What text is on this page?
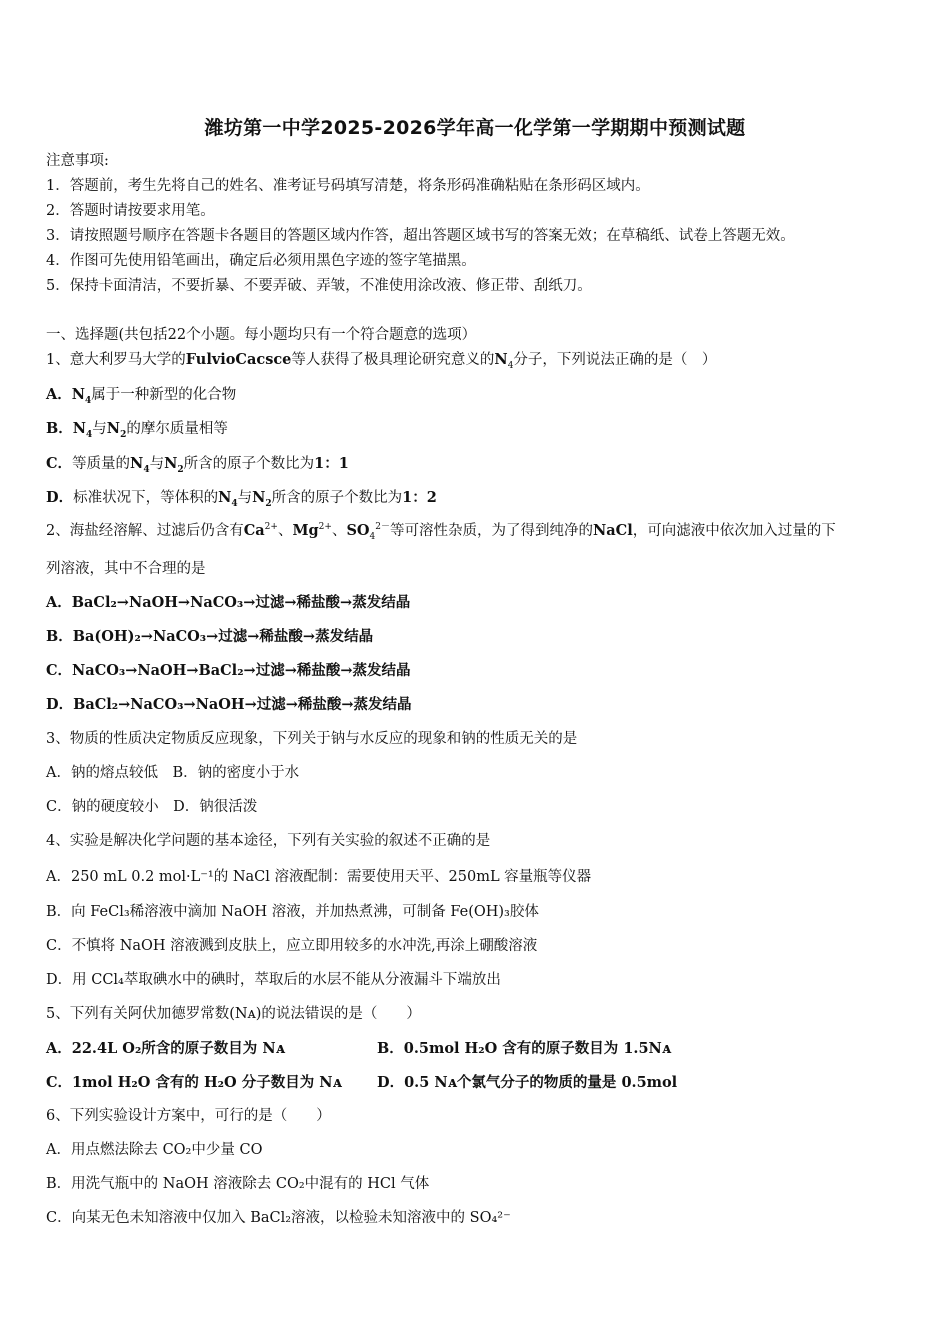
潍坊第一中学2025-2026学年高一化学第一学期期中预测试题
注意事项:
1．答题前，考生先将自己的姓名、准考证号码填写清楚，将条形码准确粘贴在条形码区域内。
2．答题时请按要求用笔。
3．请按照题号顺序在答题卡各题目的答题区域内作答，超出答题区域书写的答案无效；在草稿纸、试卷上答题无效。
4．作图可先使用铅笔画出，确定后必须用黑色字迹的签字笔描黑。
5．保持卡面清洁，不要折暴、不要弄破、弄皱，不准使用涂改液、修正带、刮纸刀。
一、选择题(共包括22个小题。每小题均只有一个符合题意的选项）
1、意大利罗马大学的FulvioCacsce等人获得了极具理论研究意义的$N_4$分子，下列说法正确的是（　）
A．$N_4$属于一种新型的化合物
B．$N_4$与$N_2$的摩尔质量相等
C．等质量的$N_4$与$N_2$所含的原子个数比为1：1
D．标准状况下，等体积的$N_4$与$N_2$所含的原子个数比为1：2
2、海盐经溶解、过滤后仍含有$Ca^{2+}$、$Mg^{2+}$、$SO_4^{2-}$等可溶性杂质，为了得到纯净的NaCl，可向滤液中依次加入过量的下
列溶液，其中不合理的是
A．BaCl₂→NaOH→NaCO₃→过滤→稀盐酸→蒸发结晶
B．Ba(OH)₂→NaCO₃→过滤→稀盐酸→蒸发结晶
C．NaCO₃→NaOH→BaCl₂→过滤→稀盐酸→蒸发结晶
D．BaCl₂→NaCO₃→NaOH→过滤→稀盐酸→蒸发结晶
3、物质的性质决定物质反应现象，下列关于钠与水反应的现象和钠的性质无关的是
A．钠的熔点较低　B．钠的密度小于水
C．钠的硬度较小　D．钠很活泼
4、实验是解决化学问题的基本途径，下列有关实验的叙述不正确的是
A．250 mL 0.2 mol·L⁻¹的 NaCl 溶液配制：需要使用天平、250mL 容量瓶等仪器
B．向 FeCl₃稀溶液中滴加 NaOH 溶液，并加热煮沸，可制备 Fe(OH)₃胶体
C．不慎将 NaOH 溶液溅到皮肤上，应立即用较多的水冲洗,再涂上硼酸溶液
D．用 CCl₄萃取碘水中的碘时，萃取后的水层不能从分液漏斗下端放出
5、下列有关阿伏加德罗常数(Nᴀ)的说法错误的是（　　）
A．22.4L O₂所含的原子数目为 Nᴀ	B．0.5mol H₂O 含有的原子数目为 1.5Nᴀ
C．1mol H₂O 含有的 H₂O 分子数目为 Nᴀ D．0.5 Nᴀ个氯气分子的物质的量是 0.5mol
6、下列实验设计方案中，可行的是（　　）
A．用点燃法除去 CO₂中少量 CO
B．用洗气瓶中的 NaOH 溶液除去 CO₂中混有的 HCl 气体
C．向某无色未知溶液中仅加入 BaCl₂溶液，以检验未知溶液中的 SO₄²⁻
